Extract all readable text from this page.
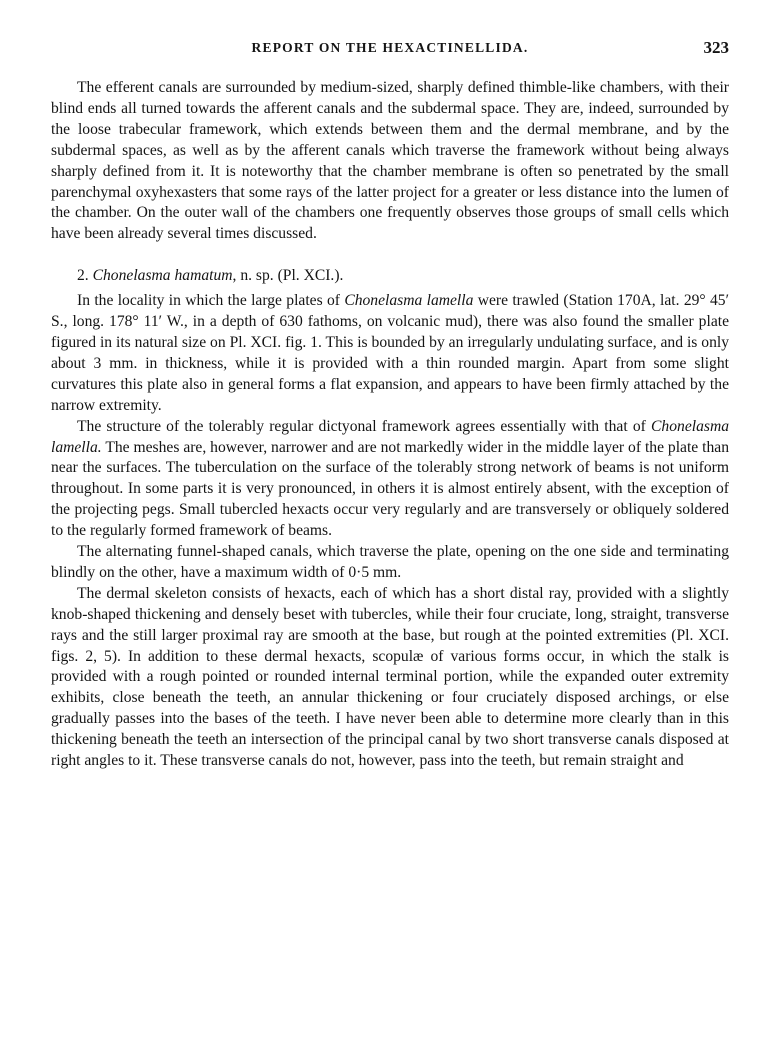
REPORT ON THE HEXACTINELLIDA.	323

The efferent canals are surrounded by medium-sized, sharply defined thimble-like chambers, with their blind ends all turned towards the afferent canals and the subdermal space. They are, indeed, surrounded by the loose trabecular framework, which extends between them and the dermal membrane, and by the subdermal spaces, as well as by the afferent canals which traverse the framework without being always sharply defined from it. It is noteworthy that the chamber membrane is often so penetrated by the small parenchymal oxyhexasters that some rays of the latter project for a greater or less distance into the lumen of the chamber. On the outer wall of the chambers one frequently observes those groups of small cells which have been already several times discussed.

2. Chonelasma hamatum, n. sp. (Pl. XCI.).

In the locality in which the large plates of Chonelasma lamella were trawled (Station 170A, lat. 29° 45′ S., long. 178° 11′ W., in a depth of 630 fathoms, on volcanic mud), there was also found the smaller plate figured in its natural size on Pl. XCI. fig. 1. This is bounded by an irregularly undulating surface, and is only about 3 mm. in thickness, while it is provided with a thin rounded margin. Apart from some slight curvatures this plate also in general forms a flat expansion, and appears to have been firmly attached by the narrow extremity.

The structure of the tolerably regular dictyonal framework agrees essentially with that of Chonelasma lamella. The meshes are, however, narrower and are not markedly wider in the middle layer of the plate than near the surfaces. The tuberculation on the surface of the tolerably strong network of beams is not uniform throughout. In some parts it is very pronounced, in others it is almost entirely absent, with the exception of the projecting pegs. Small tubercled hexacts occur very regularly and are transversely or obliquely soldered to the regularly formed framework of beams.

The alternating funnel-shaped canals, which traverse the plate, opening on the one side and terminating blindly on the other, have a maximum width of 0·5 mm.

The dermal skeleton consists of hexacts, each of which has a short distal ray, provided with a slightly knob-shaped thickening and densely beset with tubercles, while their four cruciate, long, straight, transverse rays and the still larger proximal ray are smooth at the base, but rough at the pointed extremities (Pl. XCI. figs. 2, 5). In addition to these dermal hexacts, scopulæ of various forms occur, in which the stalk is provided with a rough pointed or rounded internal terminal portion, while the expanded outer extremity exhibits, close beneath the teeth, an annular thickening or four cruciately disposed archings, or else gradually passes into the bases of the teeth. I have never been able to determine more clearly than in this thickening beneath the teeth an intersection of the principal canal by two short transverse canals disposed at right angles to it. These transverse canals do not, however, pass into the teeth, but remain straight and
